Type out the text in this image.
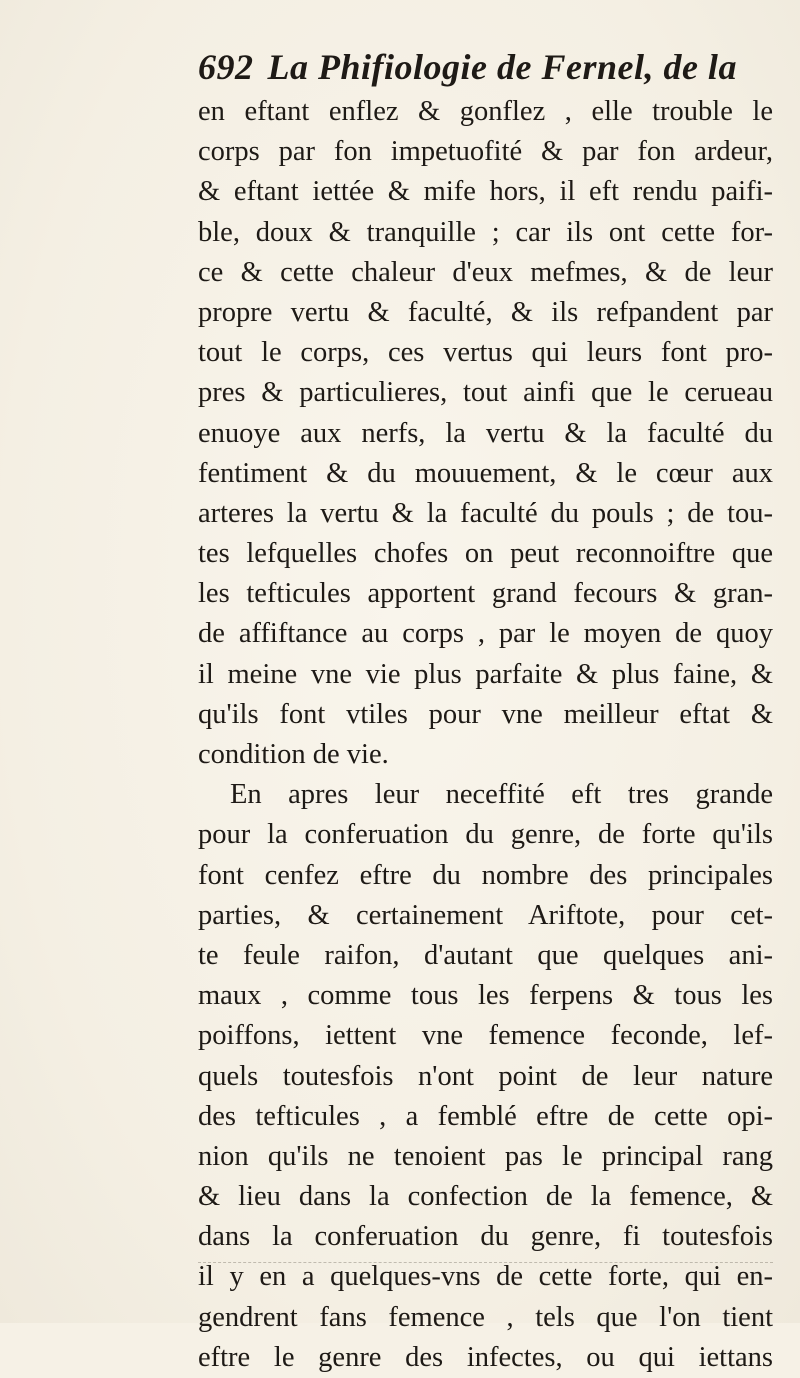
692 La Phifiologie de Fernel, de la
en eftant enflez & gonflez , elle trouble le
corps par fon impetuofité & par fon ardeur,
& eftant iettée & mife hors, il eft rendu paifi-
ble, doux & tranquille ; car ils ont cette for-
ce & cette chaleur d'eux mefmes, & de leur
propre vertu & faculté, & ils refpandent par
tout le corps, ces vertus qui leurs font pro-
pres & particulieres, tout ainfi que le cerueau
enuoye aux nerfs, la vertu & la faculté du
fentiment & du mouuement, & le cœur aux
arteres la vertu & la faculté du pouls ; de tou-
tes lefquelles chofes on peut reconnoiftre que
les tefticules apportent grand fecours & gran-
de affiftance au corps , par le moyen de quoy
il meine vne vie plus parfaite & plus faine, &
qu'ils font vtiles pour vne meilleur eftat &
condition de vie.
En apres leur neceffité eft tres grande
pour la conferuation du genre, de forte qu'ils
font cenfez eftre du nombre des principales
parties, & certainement Ariftote, pour cet-
te feule raifon, d'autant que quelques ani-
maux , comme tous les ferpens & tous les
poiffons, iettent vne femence feconde, lef-
quels toutesfois n'ont point de leur nature
des tefticules , a femblé eftre de cette opi-
nion qu'ils ne tenoient pas le principal rang
& lieu dans la confection de la femence, &
dans la conferuation du genre, fi toutesfois
il y en a quelques-vns de cette forte, qui en-
gendrent fans femence , tels que l'on tient
eftre le genre des infectes, ou qui iettans
